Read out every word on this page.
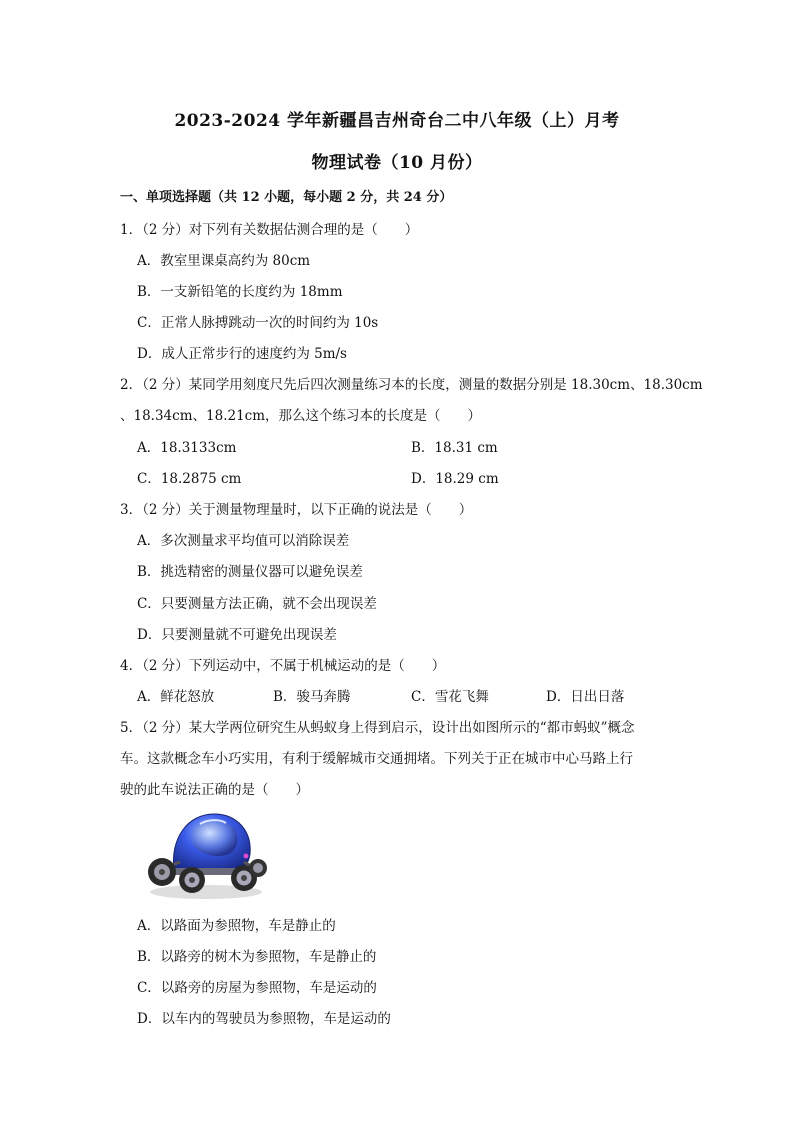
2023-2024 学年新疆昌吉州奇台二中八年级（上）月考
物理试卷（10 月份）
一、单项选择题（共 12 小题，每小题 2 分，共 24 分）
1．（2 分）对下列有关数据估测合理的是（　　）
A．教室里课桌高约为 80cm
B．一支新铅笔的长度约为 18mm
C．正常人脉搏跳动一次的时间约为 10s
D．成人正常步行的速度约为 5m/s
2．（2 分）某同学用刻度尺先后四次测量练习本的长度，测量的数据分别是 18.30cm、18.30cm
、18.34cm、18.21cm，那么这个练习本的长度是（　　）
A．18.3133cm	B．18.31 cm
C．18.2875 cm	D．18.29 cm
3．（2 分）关于测量物理量时，以下正确的说法是（　　）
A．多次测量求平均值可以消除误差
B．挑选精密的测量仪器可以避免误差
C．只要测量方法正确，就不会出现误差
D．只要测量就不可避免出现误差
4．（2 分）下列运动中，不属于机械运动的是（　　）
A．鲜花怒放	B．骏马奔腾	C．雪花飞舞	D．日出日落
5．（2 分）某大学两位研究生从蚂蚁身上得到启示，设计出如图所示的“都市蚂蚁”概念
车。这款概念车小巧实用，有利于缓解城市交通拥堵。下列关于正在城市中心马路上行
驶的此车说法正确的是（　　）
A．以路面为参照物，车是静止的
B．以路旁的树木为参照物，车是静止的
C．以路旁的房屋为参照物，车是运动的
D．以车内的驾驶员为参照物，车是运动的
